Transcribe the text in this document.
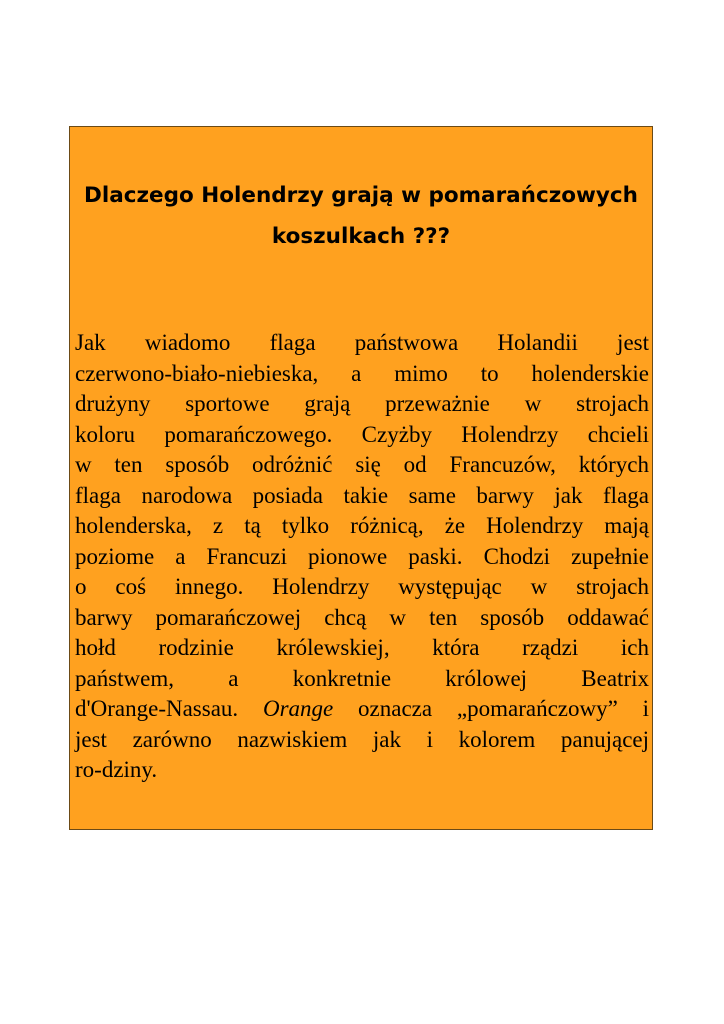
Dlaczego Holendrzy grają w pomarańczowych
koszulkach ???
Jak wiadomo flaga państwowa Holandii jest
czerwono-biało-niebieska, a mimo to holenderskie
drużyny sportowe grają przeważnie w strojach
koloru pomarańczowego. Czyżby Holendrzy chcieli
w ten sposób odróżnić się od Francuzów, których
flaga narodowa posiada takie same barwy jak flaga
holenderska, z tą tylko różnicą, że Holendrzy mają
poziome a Francuzi pionowe paski. Chodzi zupełnie
o coś innego. Holendrzy występując w strojach
barwy pomarańczowej chcą w ten sposób oddawać
hołd rodzinie królewskiej, która rządzi ich
państwem, a konkretnie królowej Beatrix
d'Orange-Nassau. Orange oznacza „pomarańczowy” i
jest zarówno nazwiskiem jak i kolorem panującej
ro-dziny.
